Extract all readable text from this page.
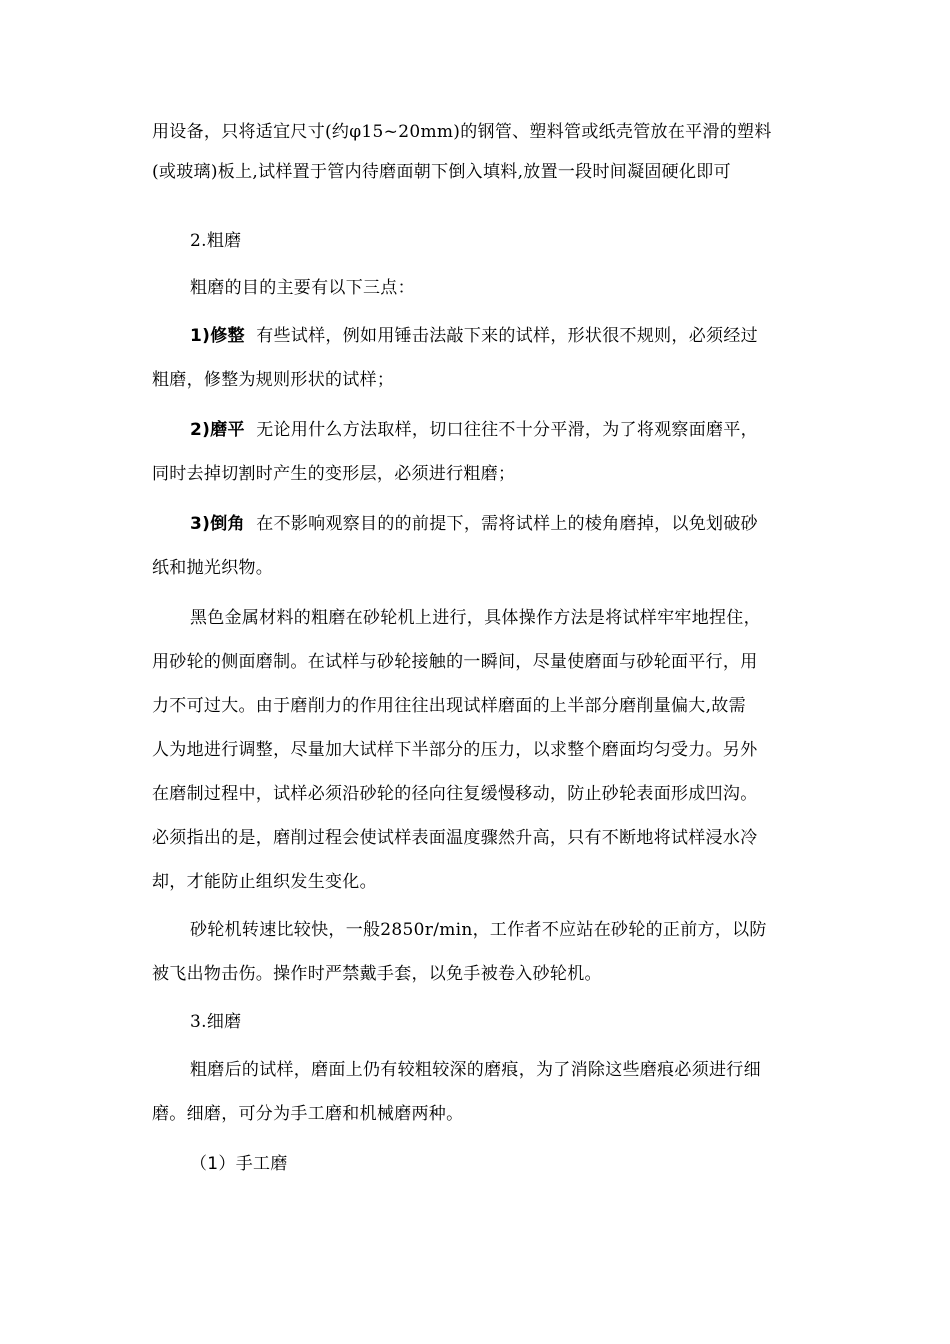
用设备，只将适宜尺寸(约φ15~20mm)的钢管、塑料管或纸壳管放在平滑的塑料
(或玻璃)板上,试样置于管内待磨面朝下倒入填料,放置一段时间凝固硬化即可
2.粗磨
粗磨的目的主要有以下三点：
1)修整 有些试样，例如用锤击法敲下来的试样，形状很不规则，必须经过
粗磨，修整为规则形状的试样；
2)磨平 无论用什么方法取样，切口往往不十分平滑，为了将观察面磨平，
同时去掉切割时产生的变形层，必须进行粗磨；
3)倒角 在不影响观察目的的前提下，需将试样上的棱角磨掉，以免划破砂
纸和抛光织物。
黑色金属材料的粗磨在砂轮机上进行，具体操作方法是将试样牢牢地捏住，
用砂轮的侧面磨制。在试样与砂轮接触的一瞬间，尽量使磨面与砂轮面平行，用
力不可过大。由于磨削力的作用往往出现试样磨面的上半部分磨削量偏大,故需
人为地进行调整，尽量加大试样下半部分的压力，以求整个磨面均匀受力。另外
在磨制过程中，试样必须沿砂轮的径向往复缓慢移动，防止砂轮表面形成凹沟。
必须指出的是，磨削过程会使试样表面温度骤然升高，只有不断地将试样浸水冷
却，才能防止组织发生变化。
砂轮机转速比较快，一般2850r/min，工作者不应站在砂轮的正前方，以防
被飞出物击伤。操作时严禁戴手套，以免手被卷入砂轮机。
3.细磨
粗磨后的试样，磨面上仍有较粗较深的磨痕，为了消除这些磨痕必须进行细
磨。细磨，可分为手工磨和机械磨两种。
（1）手工磨
